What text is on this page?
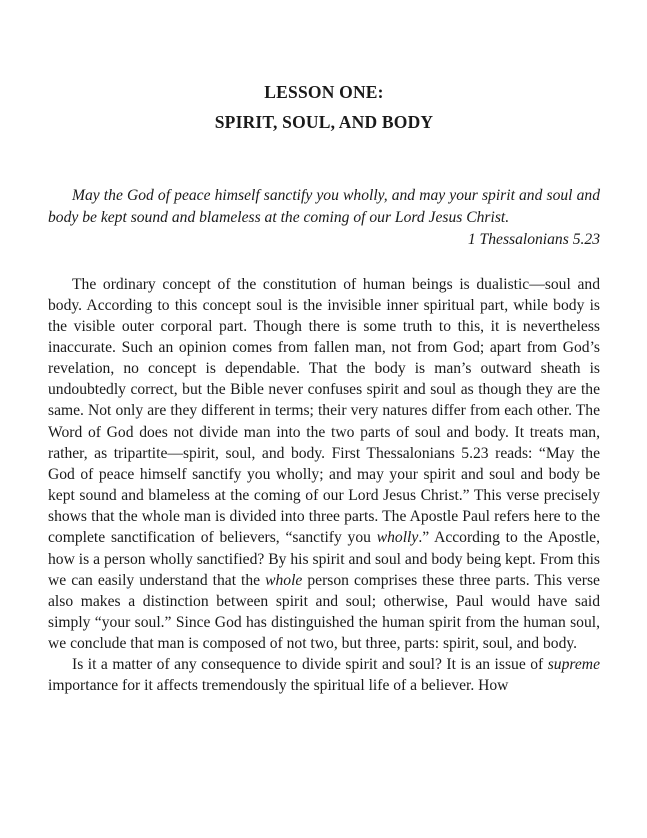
LESSON ONE:
SPIRIT, SOUL, AND BODY

May the God of peace himself sanctify you wholly, and may your spirit and soul and body be kept sound and blameless at the coming of our Lord Jesus Christ.

1 Thessalonians 5.23

The ordinary concept of the constitution of human beings is dualistic—soul and body. According to this concept soul is the invisible inner spiritual part, while body is the visible outer corporal part. Though there is some truth to this, it is nevertheless inaccurate. Such an opinion comes from fallen man, not from God; apart from God’s revelation, no concept is dependable. That the body is man’s outward sheath is undoubtedly correct, but the Bible never confuses spirit and soul as though they are the same. Not only are they different in terms; their very natures differ from each other. The Word of God does not divide man into the two parts of soul and body. It treats man, rather, as tripartite—spirit, soul, and body. First Thessalonians 5.23 reads: “May the God of peace himself sanctify you wholly; and may your spirit and soul and body be kept sound and blameless at the coming of our Lord Jesus Christ.” This verse precisely shows that the whole man is divided into three parts. The Apostle Paul refers here to the complete sanctification of believers, “sanctify you wholly.” According to the Apostle, how is a person wholly sanctified? By his spirit and soul and body being kept. From this we can easily understand that the whole person comprises these three parts. This verse also makes a distinction between spirit and soul; otherwise, Paul would have said simply “your soul.” Since God has distinguished the human spirit from the human soul, we conclude that man is composed of not two, but three, parts: spirit, soul, and body.

Is it a matter of any consequence to divide spirit and soul? It is an issue of supreme importance for it affects tremendously the spiritual life of a believer. How
